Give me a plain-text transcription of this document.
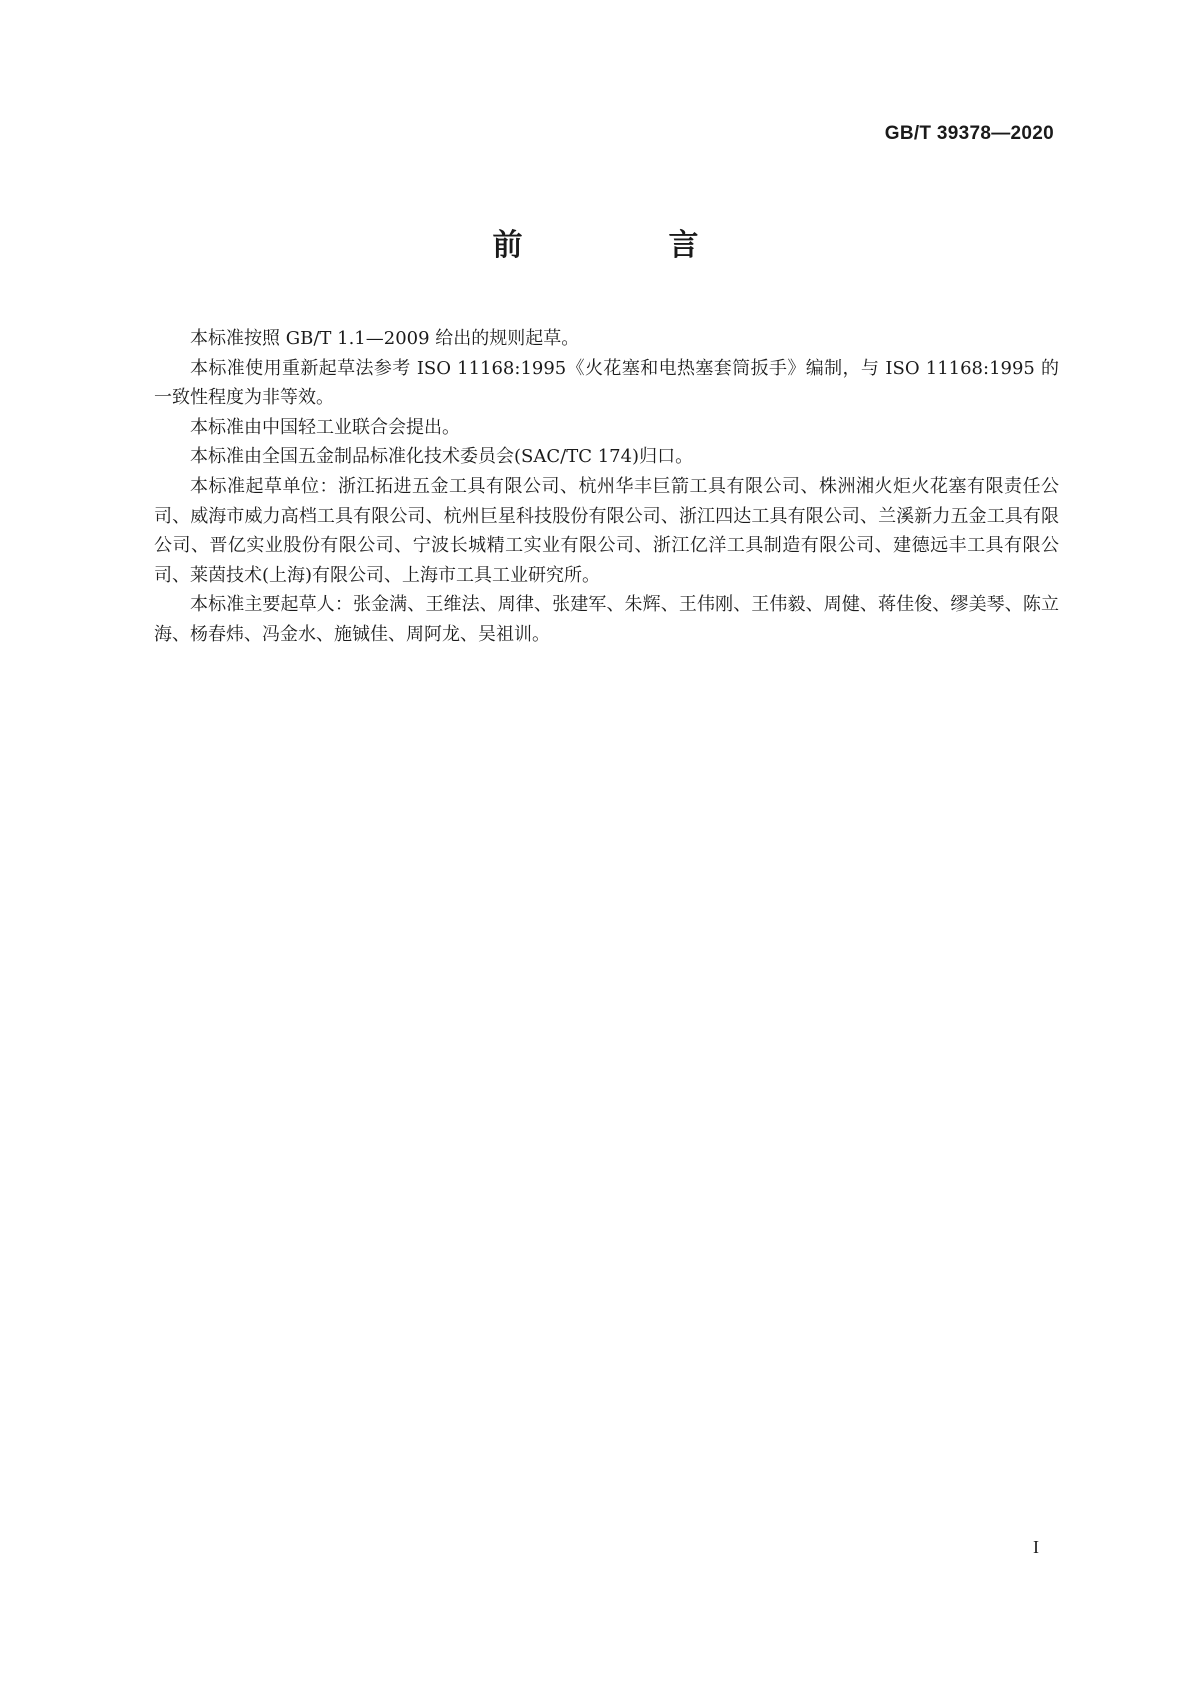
GB/T 39378—2020
前　言

本标准按照 GB/T 1.1—2009 给出的规则起草。

本标准使用重新起草法参考 ISO 11168:1995《火花塞和电热塞套筒扳手》编制，与 ISO 11168:1995 的一致性程度为非等效。

本标准由中国轻工业联合会提出。

本标准由全国五金制品标准化技术委员会(SAC/TC 174)归口。

本标准起草单位：浙江拓进五金工具有限公司、杭州华丰巨箭工具有限公司、株洲湘火炬火花塞有限责任公司、威海市威力高档工具有限公司、杭州巨星科技股份有限公司、浙江四达工具有限公司、兰溪新力五金工具有限公司、晋亿实业股份有限公司、宁波长城精工实业有限公司、浙江亿洋工具制造有限公司、建德远丰工具有限公司、莱茵技术(上海)有限公司、上海市工具工业研究所。

本标准主要起草人：张金满、王维法、周律、张建军、朱辉、王伟刚、王伟毅、周健、蒋佳俊、缪美琴、陈立海、杨春炜、冯金水、施铖佳、周阿龙、吴祖训。

I
